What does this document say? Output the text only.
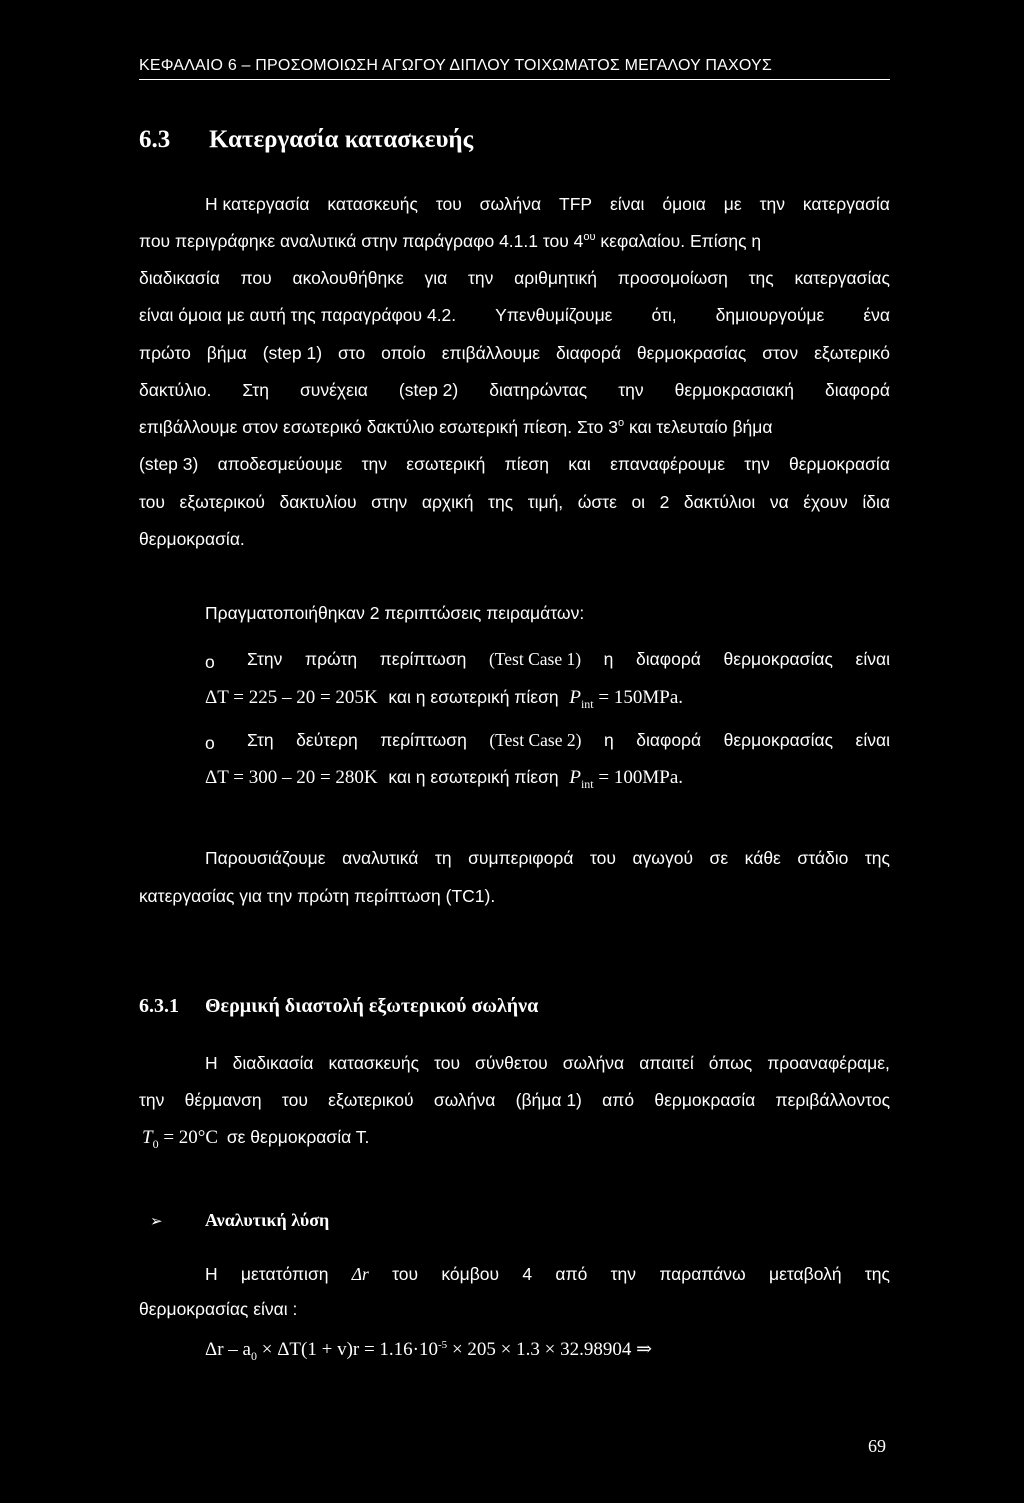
ΚΕΦΑΛΑΙΟ 6 – ΠΡΟΣΟΜΟΙΩΣΗ ΑΓΩΓΟΥ ΔΙΠΛΟΥ ΤΟΙΧΩΜΑΤΟΣ ΜΕΓΑΛΟΥ ΠΑΧΟΥΣ
6.3 Κατεργασία κατασκευής
Η κατεργασία κατασκευής του σωλήνα TFP είναι όμοια με την κατεργασία
που περιγράφηκε αναλυτικά στην παράγραφο 4.1.1 του $4^{o\upsilon}$ κεφαλαίου. Επίσης η
διαδικασία που ακολουθήθηκε για την αριθμητική προσομοίωση της κατεργασίας
είναι όμοια με αυτή της παραγράφου 4.2. Υπενθυμίζουμε ότι, δημιουργούμε ένα
πρώτο βήμα (step 1) στο οποίο επιβάλλουμε διαφορά θερμοκρασίας στον εξωτερικό
δακτύλιο. Στη συνέχεια (step 2) διατηρώντας την θερμοκρασιακή διαφορά
επιβάλλουμε στον εσωτερικό δακτύλιο εσωτερική πίεση. Στο $3^o$ και τελευταίο βήμα
(step 3) αποδεσμεύουμε την εσωτερική πίεση και επαναφέρουμε την θερμοκρασία
του εξωτερικού δακτυλίου στην αρχική της τιμή, ώστε οι 2 δακτύλιοι να έχουν ίδια
θερμοκρασία.
Πραγματοποιήθηκαν 2 περιπτώσεις πειραμάτων:
o Στην πρώτη περίπτωση (Test Case 1) η διαφορά θερμοκρασίας είναι
ΔT = 225 – 20 = 205K και η εσωτερική πίεση $P_{int} = 150MPa$.
o Στη δεύτερη περίπτωση (Test Case 2) η διαφορά θερμοκρασίας είναι
ΔT = 300 – 20 = 280K και η εσωτερική πίεση $P_{int} = 100MPa$.
Παρουσιάζουμε αναλυτικά τη συμπεριφορά του αγωγού σε κάθε στάδιο της
κατεργασίας για την πρώτη περίπτωση (TC1).
6.3.1 Θερμική διαστολή εξωτερικού σωλήνα
Η διαδικασία κατασκευής του σύνθετου σωλήνα απαιτεί όπως προαναφέραμε,
την θέρμανση του εξωτερικού σωλήνα (βήμα 1) από θερμοκρασία περιβάλλοντος
$T_0 = 20^\circ C$ σε θερμοκρασία Τ.
➢ Αναλυτική λύση
Η μετατόπιση Δr του κόμβου 4 από την παραπάνω μεταβολή της
θερμοκρασίας είναι :
$\Delta r - a_0 \times \Delta T(1 + v)r = 1.16\cdot 10^{-5} \times 205 \times 1.3 \times 32.98904$ ⇒
69
